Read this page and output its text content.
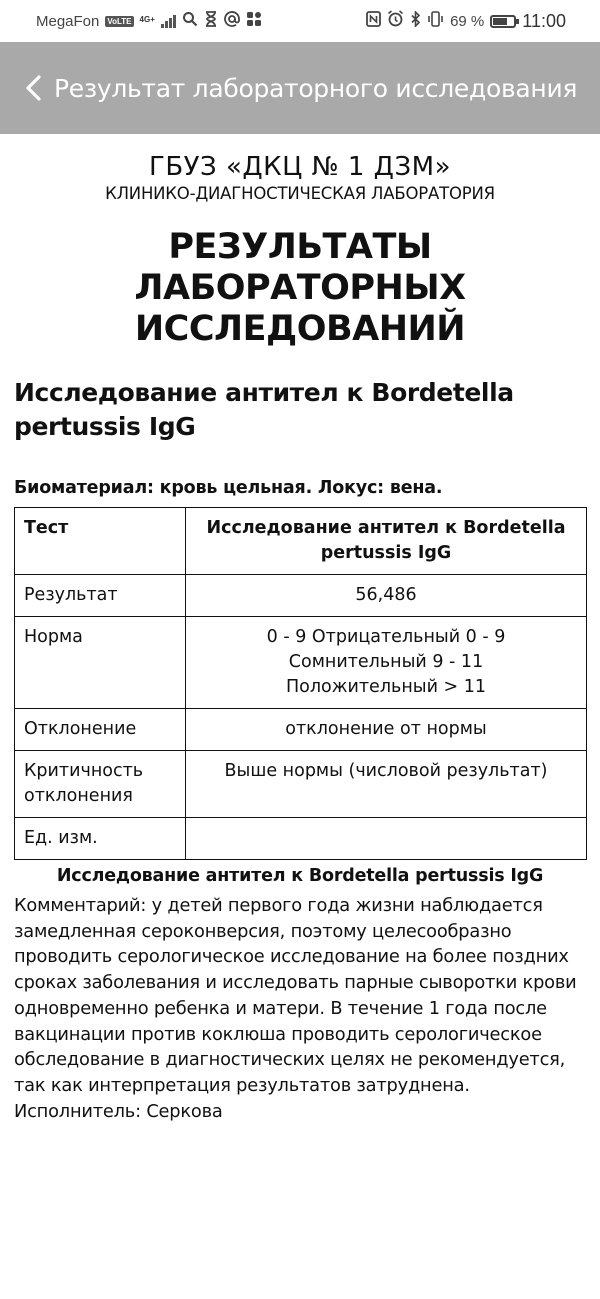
MegaFon VoLTE 4G+	69 % 11:00
Результат лабораторного исследования
ГБУЗ «ДКЦ № 1 ДЗМ»
КЛИНИКО-ДИАГНОСТИЧЕСКАЯ ЛАБОРАТОРИЯ
РЕЗУЛЬТАТЫ
ЛАБОРАТОРНЫХ
ИССЛЕДОВАНИЙ
Исследование антител к Bordetella pertussis IgG
Биоматериал: кровь цельная. Локус: вена.
Тест	Исследование антител к Bordetella pertussis IgG
Результат	56,486
Норма	0 - 9 Отрицательный 0 - 9
Сомнительный 9 - 11
Положительный > 11

Отклонение	отклонение от нормы
Критичность отклонения	Выше нормы (числовой результат)
Ед. изм.	
Исследование антител к Bordetella pertussis IgG
Комментарий: у детей первого года жизни наблюдается замедленная сероконверсия, поэтому целесообразно проводить серологическое исследование на более поздних сроках заболевания и исследовать парные сыворотки крови одновременно ребенка и матери. В течение 1 года после вакцинации против коклюша проводить серологическое обследование в диагностических целях не рекомендуется, так как интерпретация результатов затруднена.
Исполнитель: Серкова
